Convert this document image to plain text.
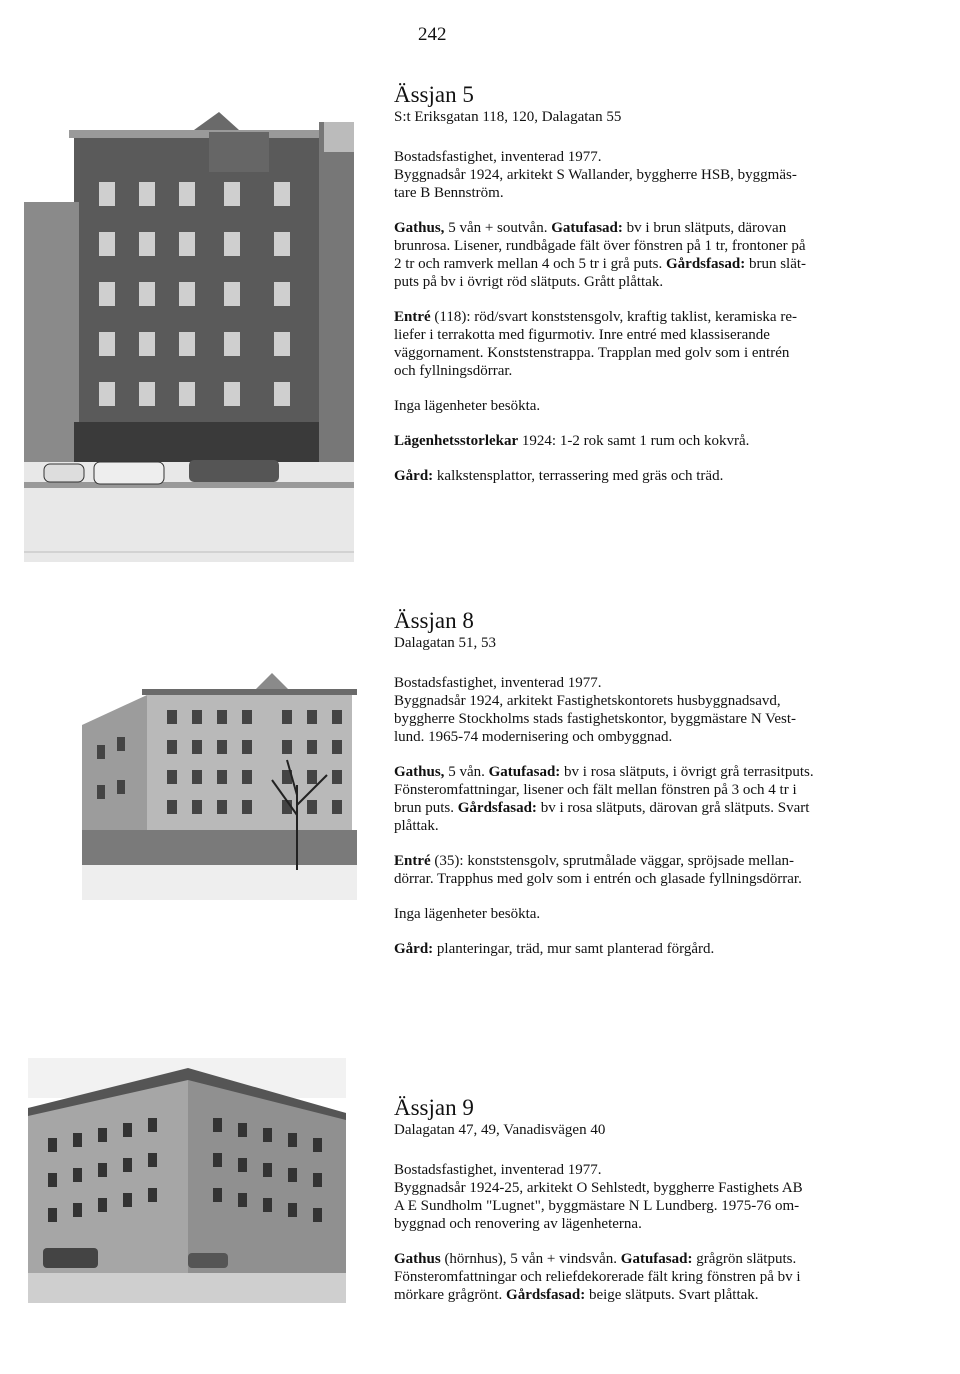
242
Ässjan 5
S:t Eriksgatan 118, 120, Dalagatan 55

Bostadsfastighet, inventerad 1977.
Byggnadsår 1924, arkitekt S Wallander, byggherre HSB, byggmäs-
tare B Bennström.

Gathus, 5 vån + soutvån. Gatufasad: bv i brun slätputs, därovan
brunrosa. Lisener, rundbågade fält över fönstren på 1 tr, frontoner på
2 tr och ramverk mellan 4 och 5 tr i grå puts. Gårdsfasad: brun slät-
puts på bv i övrigt röd slätputs. Grått plåttak.

Entré (118): röd/svart konststensgolv, kraftig taklist, keramiska re-
liefer i terrakotta med figurmotiv. Inre entré med klassiserande
väggornament. Konststenstrappa. Trapplan med golv som i entrén
och fyllningsdörrar.

Inga lägenheter besökta.

Lägenhetsstorlekar 1924: 1-2 rok samt 1 rum och kokvrå.

Gård: kalkstensplattor, terrassering med gräs och träd.

Ässjan 8
Dalagatan 51, 53

Bostadsfastighet, inventerad 1977.
Byggnadsår 1924, arkitekt Fastighetskontorets husbyggnadsavd,
byggherre Stockholms stads fastighetskontor, byggmästare N Vest-
lund. 1965-74 modernisering och ombyggnad.

Gathus, 5 vån. Gatufasad: bv i rosa slätputs, i övrigt grå terrasitputs.
Fönsteromfattningar, lisener och fält mellan fönstren på 3 och 4 tr i
brun puts. Gårdsfasad: bv i rosa slätputs, därovan grå slätputs. Svart
plåttak.

Entré (35): konststensgolv, sprutmålade väggar, spröjsade mellan-
dörrar. Trapphus med golv som i entrén och glasade fyllningsdörrar.

Inga lägenheter besökta.

Gård: planteringar, träd, mur samt planterad förgård.

Ässjan 9
Dalagatan 47, 49, Vanadisvägen 40

Bostadsfastighet, inventerad 1977.
Byggnadsår 1924-25, arkitekt O Sehlstedt, byggherre Fastighets AB
A E Sundholm "Lugnet", byggmästare N L Lundberg. 1975-76 om-
byggnad och renovering av lägenheterna.

Gathus (hörnhus), 5 vån + vindsvån. Gatufasad: grågrön slätputs.
Fönsteromfattningar och reliefdekorerade fält kring fönstren på bv i
mörkare grågrönt. Gårdsfasad: beige slätputs. Svart plåttak.
